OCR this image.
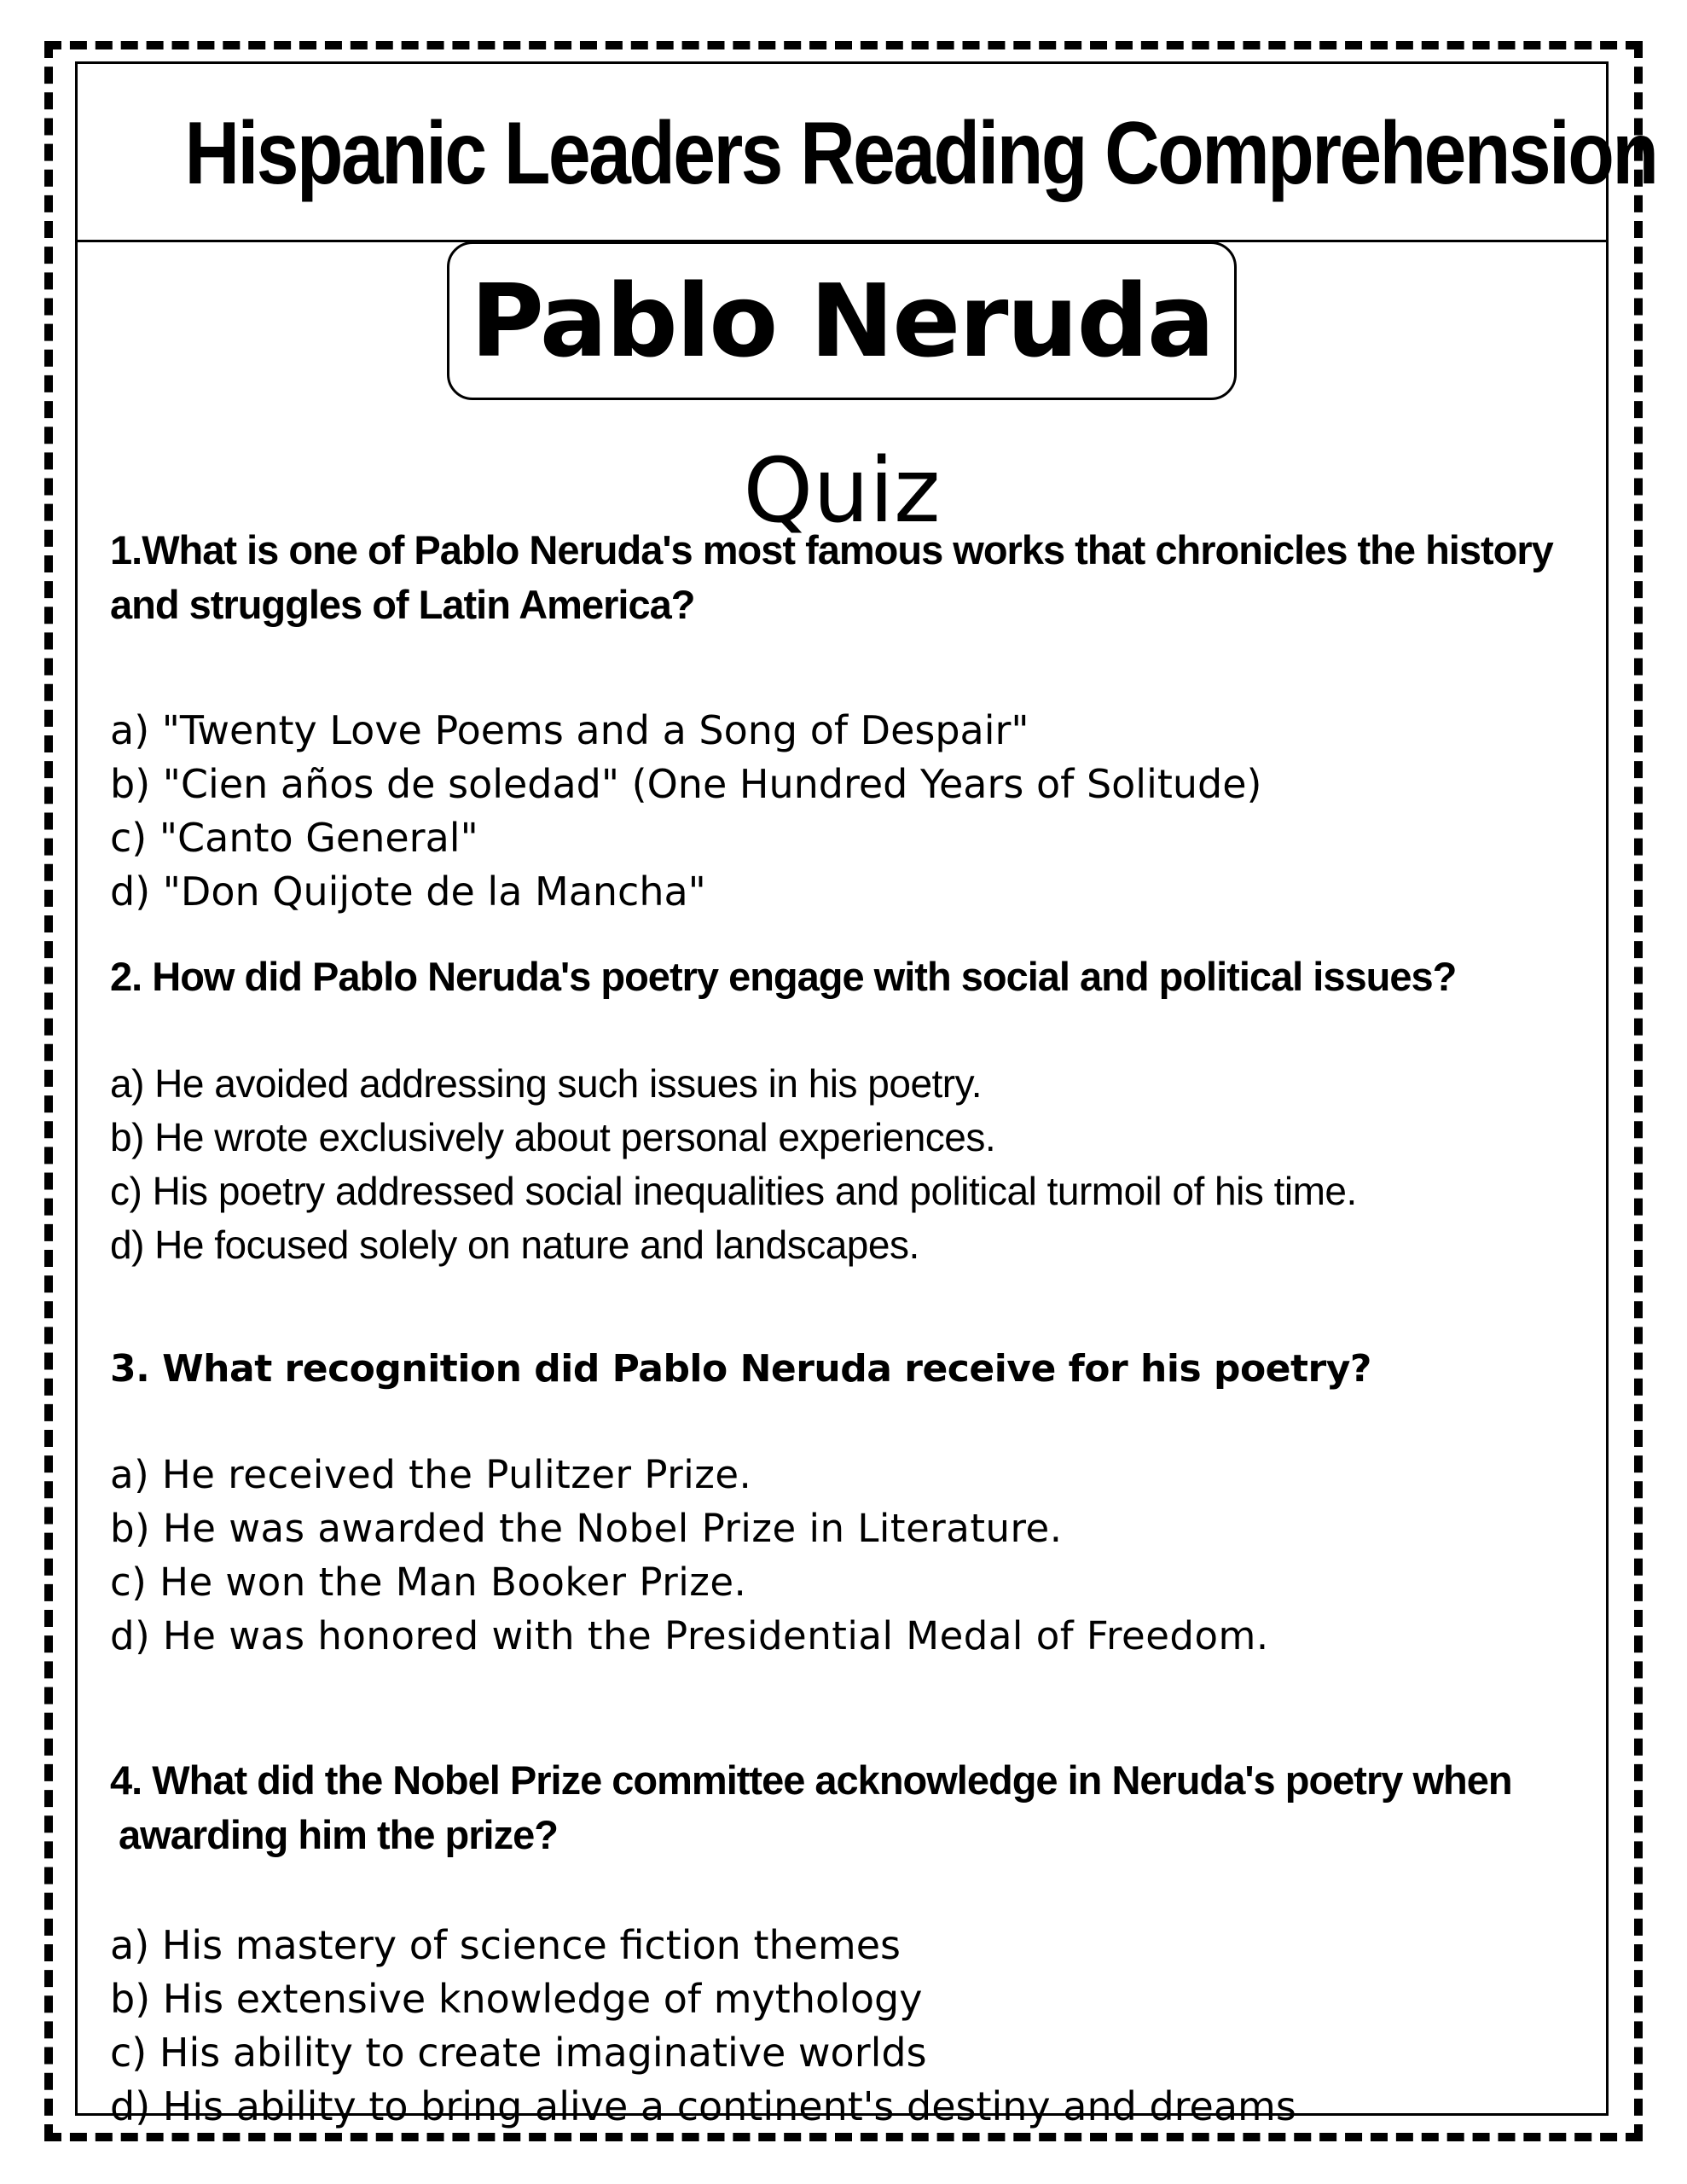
Hispanic Leaders Reading Comprehension
Pablo Neruda
Quiz
1.What is one of Pablo Neruda's most famous works that chronicles the history
and struggles of Latin America?
a) "Twenty Love Poems and a Song of Despair"
b) "Cien años de soledad" (One Hundred Years of Solitude)
c) "Canto General"
d) "Don Quijote de la Mancha"
2. How did Pablo Neruda's poetry engage with social and political issues?
a) He avoided addressing such issues in his poetry.
b) He wrote exclusively about personal experiences.
c) His poetry addressed social inequalities and political turmoil of his time.
d) He focused solely on nature and landscapes.
3. What recognition did Pablo Neruda receive for his poetry?
a) He received the Pulitzer Prize.
b) He was awarded the Nobel Prize in Literature.
c) He won the Man Booker Prize.
d) He was honored with the Presidential Medal of Freedom.
4. What did the Nobel Prize committee acknowledge in Neruda's poetry when
awarding him the prize?
a) His mastery of science fiction themes
b) His extensive knowledge of mythology
c) His ability to create imaginative worlds
d) His ability to bring alive a continent's destiny and dreams
